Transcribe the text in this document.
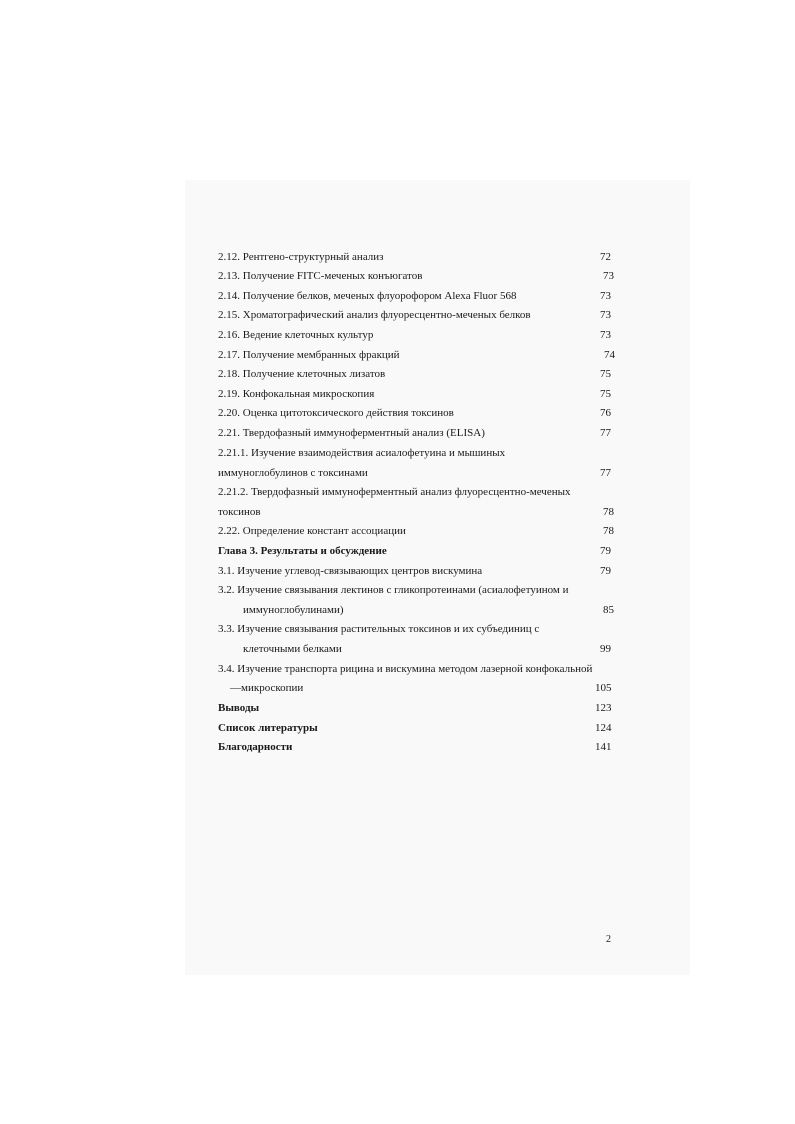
2.12. Рентгено-структурный анализ	72
2.13. Получение FITC-меченых конъюгатов	73
2.14. Получение белков, меченых флуорофором Alexa Fluor 568	73
2.15. Хроматографический анализ флуоресцентно-меченых белков	73
2.16. Ведение клеточных культур	73
2.17. Получение мембранных фракций	74
2.18. Получение клеточных лизатов	75
2.19. Конфокальная микроскопия	75
2.20. Оценка цитотоксического действия токсинов	76
2.21. Твердофазный иммуноферментный анализ (ELISA)	77
2.21.1. Изучение взаимодействия асиалофетуина и мышиных
иммуноглобулинов с токсинами	77
2.21.2. Твердофазный иммуноферментный анализ флуоресцентно-меченых
токсинов	78
2.22. Определение констант ассоциации	78
Глава 3. Результаты и обсуждение	79
3.1. Изучение углевод-связывающих центров вискумина	79
3.2. Изучение связывания лектинов с гликопротеинами (асиалофетуином и
иммуноглобулинами)	85
3.3. Изучение связывания растительных токсинов и их субъединиц с
клеточными белками	99
3.4. Изучение транспорта рицина и вискумина методом лазерной конфокальной
—микроскопии	105
Выводы	123
Список литературы	124
Благодарности	141
2
